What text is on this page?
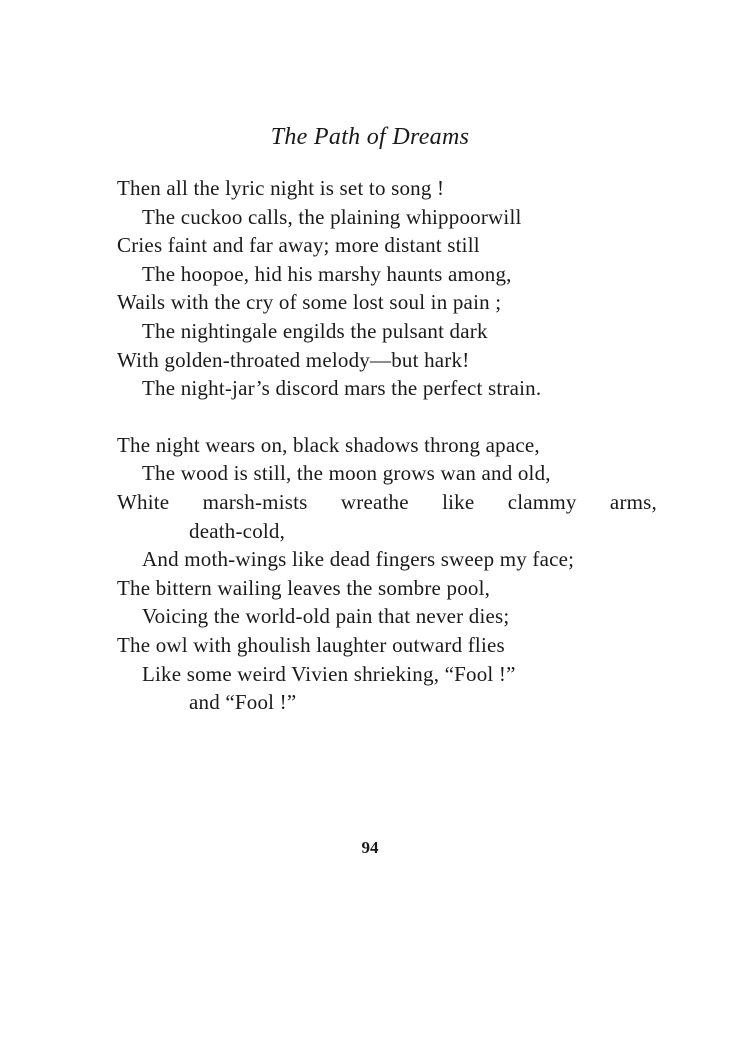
The Path of Dreams
Then all the lyric night is set to song !
The cuckoo calls, the plaining whippoorwill
Cries faint and far away; more distant still
The hoopoe, hid his marshy haunts among,
Wails with the cry of some lost soul in pain ;
The nightingale engilds the pulsant dark
With golden-throated melody—but hark!
The night-jar’s discord mars the perfect strain.
The night wears on, black shadows throng apace,
The wood is still, the moon grows wan and old,
White marsh-mists wreathe like clammy arms,
death-cold,
And moth-wings like dead fingers sweep my face;
The bittern wailing leaves the sombre pool,
Voicing the world-old pain that never dies;
The owl with ghoulish laughter outward flies
Like some weird Vivien shrieking, “Fool !”
and “Fool !”
94
